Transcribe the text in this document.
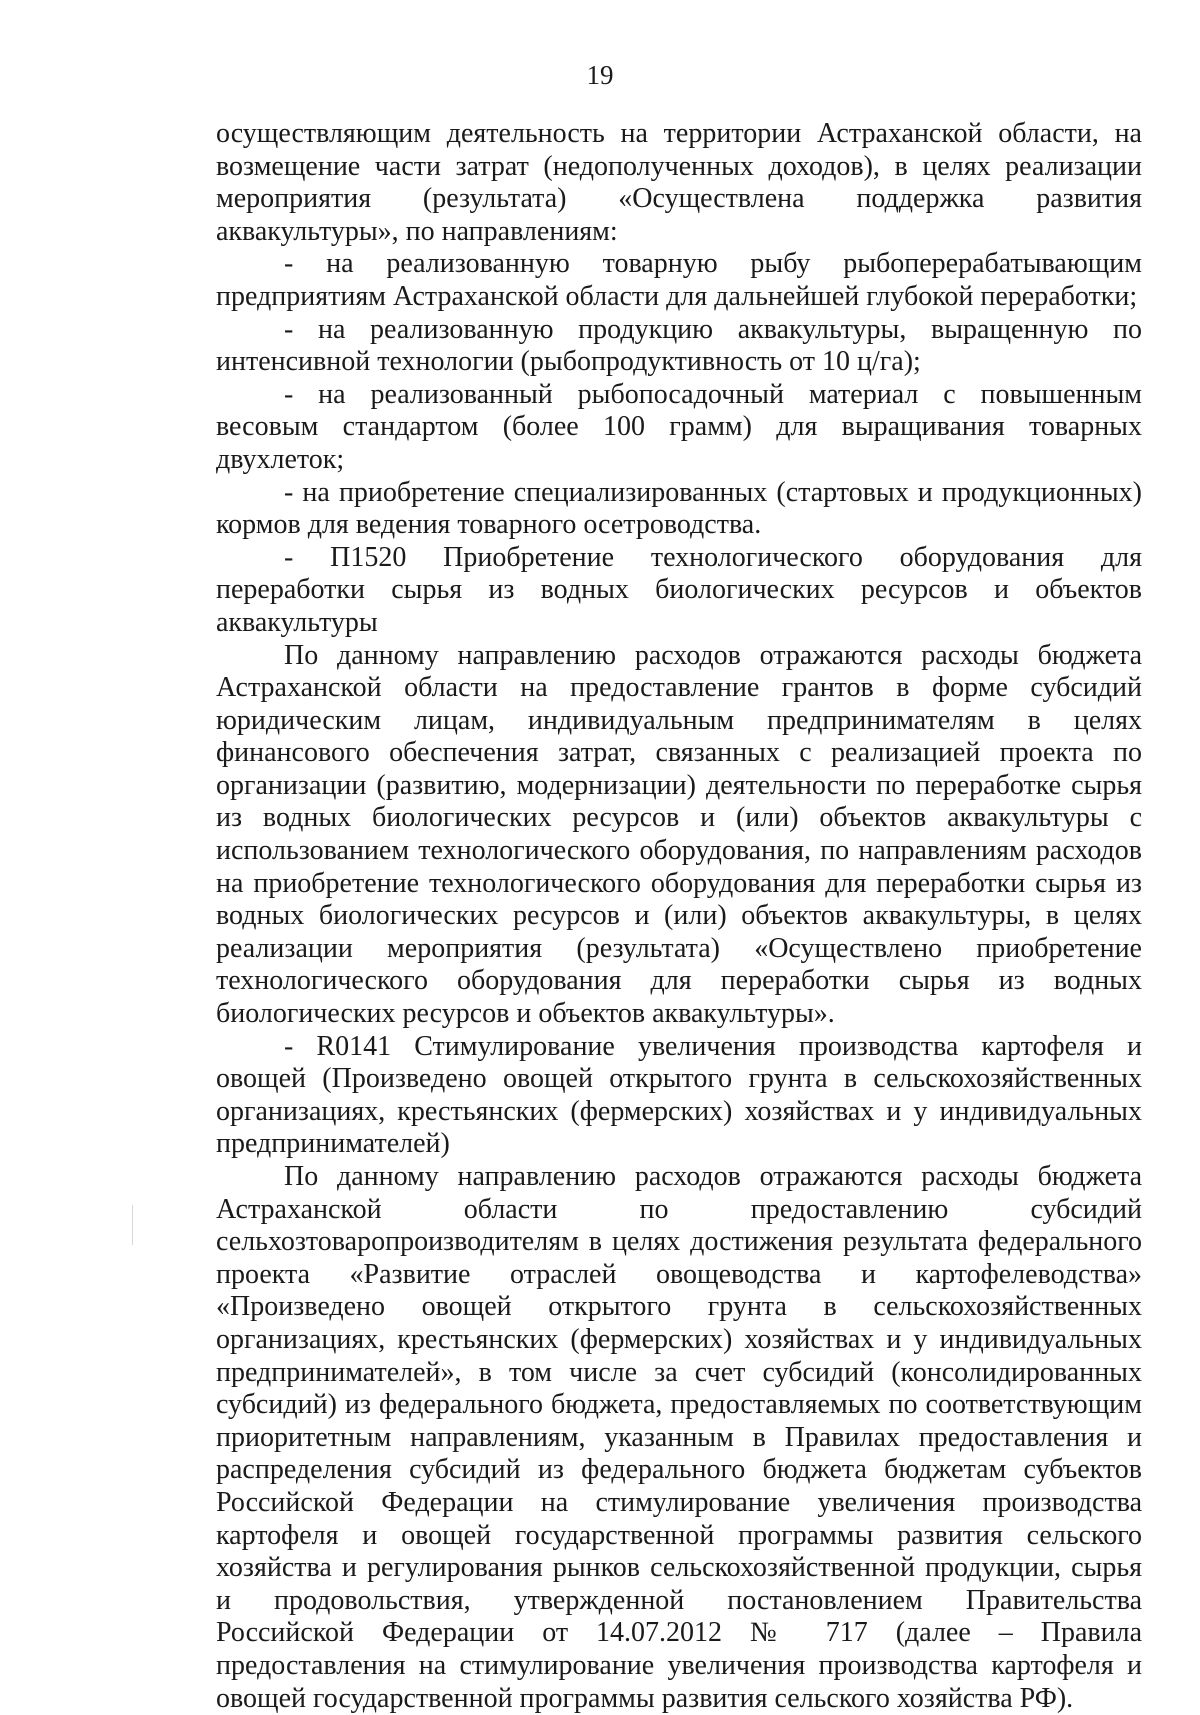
19

осуществляющим деятельность на территории Астраханской области, на возмещение части затрат (недополученных доходов), в целях реализации мероприятия (результата) «Осуществлена поддержка развития аквакультуры», по направлениям:

- на реализованную товарную рыбу рыбоперерабатывающим предприятиям Астраханской области для дальнейшей глубокой переработки;

- на реализованную продукцию аквакультуры, выращенную по интенсивной технологии (рыбопродуктивность от 10 ц/га);

- на реализованный рыбопосадочный материал с повышенным весовым стандартом (более 100 грамм) для выращивания товарных двухлеток;

- на приобретение специализированных (стартовых и продукционных) кормов для ведения товарного осетроводства.

- П1520 Приобретение технологического оборудования для переработки сырья из водных биологических ресурсов и объектов аквакультуры

По данному направлению расходов отражаются расходы бюджета Астраханской области на предоставление грантов в форме субсидий юридическим лицам, индивидуальным предпринимателям в целях финансового обеспечения затрат, связанных с реализацией проекта по организации (развитию, модернизации) деятельности по переработке сырья из водных биологических ресурсов и (или) объектов аквакультуры с использованием технологического оборудования, по направлениям расходов на приобретение технологического оборудования для переработки сырья из водных биологических ресурсов и (или) объектов аквакультуры, в целях реализации мероприятия (результата) «Осуществлено приобретение технологического оборудования для переработки сырья из водных биологических ресурсов и объектов аквакультуры».

- R0141 Стимулирование увеличения производства картофеля и овощей (Произведено овощей открытого грунта в сельскохозяйственных организациях, крестьянских (фермерских) хозяйствах и у индивидуальных предпринимателей)

По данному направлению расходов отражаются расходы бюджета Астраханской области по предоставлению субсидий сельхозтоваропроизводителям в целях достижения результата федерального проекта «Развитие отраслей овощеводства и картофелеводства» «Произведено овощей открытого грунта в сельскохозяйственных организациях, крестьянских (фермерских) хозяйствах и у индивидуальных предпринимателей», в том числе за счет субсидий (консолидированных субсидий) из федерального бюджета, предоставляемых по соответствующим приоритетным направлениям, указанным в Правилах предоставления и распределения субсидий из федерального бюджета бюджетам субъектов Российской Федерации на стимулирование увеличения производства картофеля и овощей государственной программы развития сельского хозяйства и регулирования рынков сельскохозяйственной продукции, сырья и продовольствия, утвержденной постановлением Правительства Российской Федерации от 14.07.2012 № 717 (далее – Правила предоставления на стимулирование увеличения производства картофеля и овощей государственной программы развития сельского хозяйства РФ).
